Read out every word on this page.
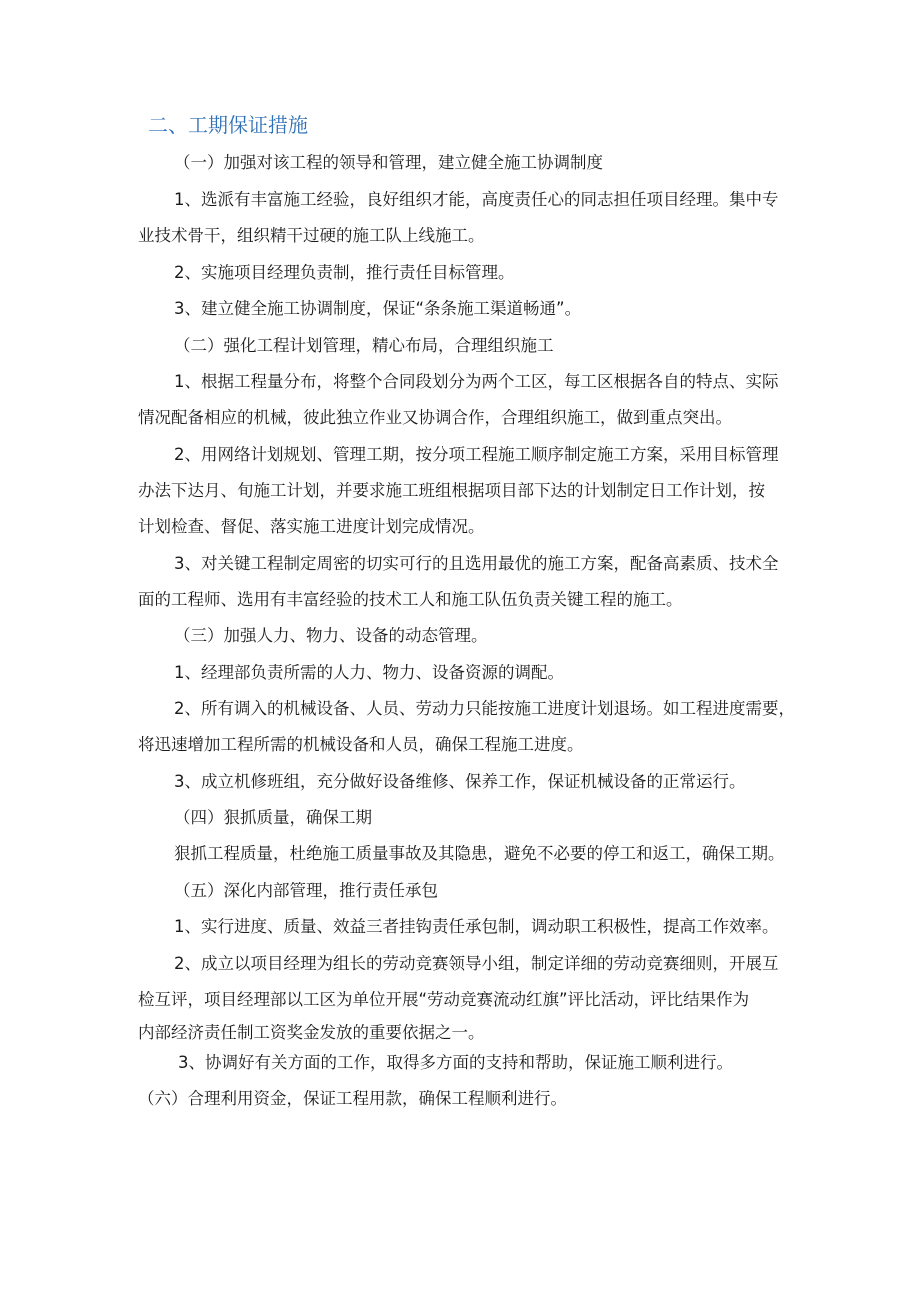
二、工期保证措施
（一）加强对该工程的领导和管理，建立健全施工协调制度
1、选派有丰富施工经验，良好组织才能，高度责任心的同志担任项目经理。集中专
业技术骨干，组织精干过硬的施工队上线施工。
2、实施项目经理负责制，推行责任目标管理。
3、建立健全施工协调制度，保证“条条施工渠道畅通”。
（二）强化工程计划管理，精心布局，合理组织施工
1、根据工程量分布，将整个合同段划分为两个工区，每工区根据各自的特点、实际
情况配备相应的机械，彼此独立作业又协调合作，合理组织施工，做到重点突出。
2、用网络计划规划、管理工期，按分项工程施工顺序制定施工方案，采用目标管理
办法下达月、旬施工计划，并要求施工班组根据项目部下达的计划制定日工作计划，按
计划检查、督促、落实施工进度计划完成情况。
3、对关键工程制定周密的切实可行的且选用最优的施工方案，配备高素质、技术全
面的工程师、选用有丰富经验的技术工人和施工队伍负责关键工程的施工。
（三）加强人力、物力、设备的动态管理。
1、经理部负责所需的人力、物力、设备资源的调配。
2、所有调入的机械设备、人员、劳动力只能按施工进度计划退场。如工程进度需要，
将迅速增加工程所需的机械设备和人员，确保工程施工进度。
3、成立机修班组，充分做好设备维修、保养工作，保证机械设备的正常运行。
（四）狠抓质量，确保工期
狠抓工程质量，杜绝施工质量事故及其隐患，避免不必要的停工和返工，确保工期。
（五）深化内部管理，推行责任承包
1、实行进度、质量、效益三者挂钩责任承包制，调动职工积极性，提高工作效率。
2、成立以项目经理为组长的劳动竞赛领导小组，制定详细的劳动竞赛细则，开展互
检互评，项目经理部以工区为单位开展“劳动竞赛流动红旗”评比活动，评比结果作为
内部经济责任制工资奖金发放的重要依据之一。
3、协调好有关方面的工作，取得多方面的支持和帮助，保证施工顺利进行。
（六）合理利用资金，保证工程用款，确保工程顺利进行。
